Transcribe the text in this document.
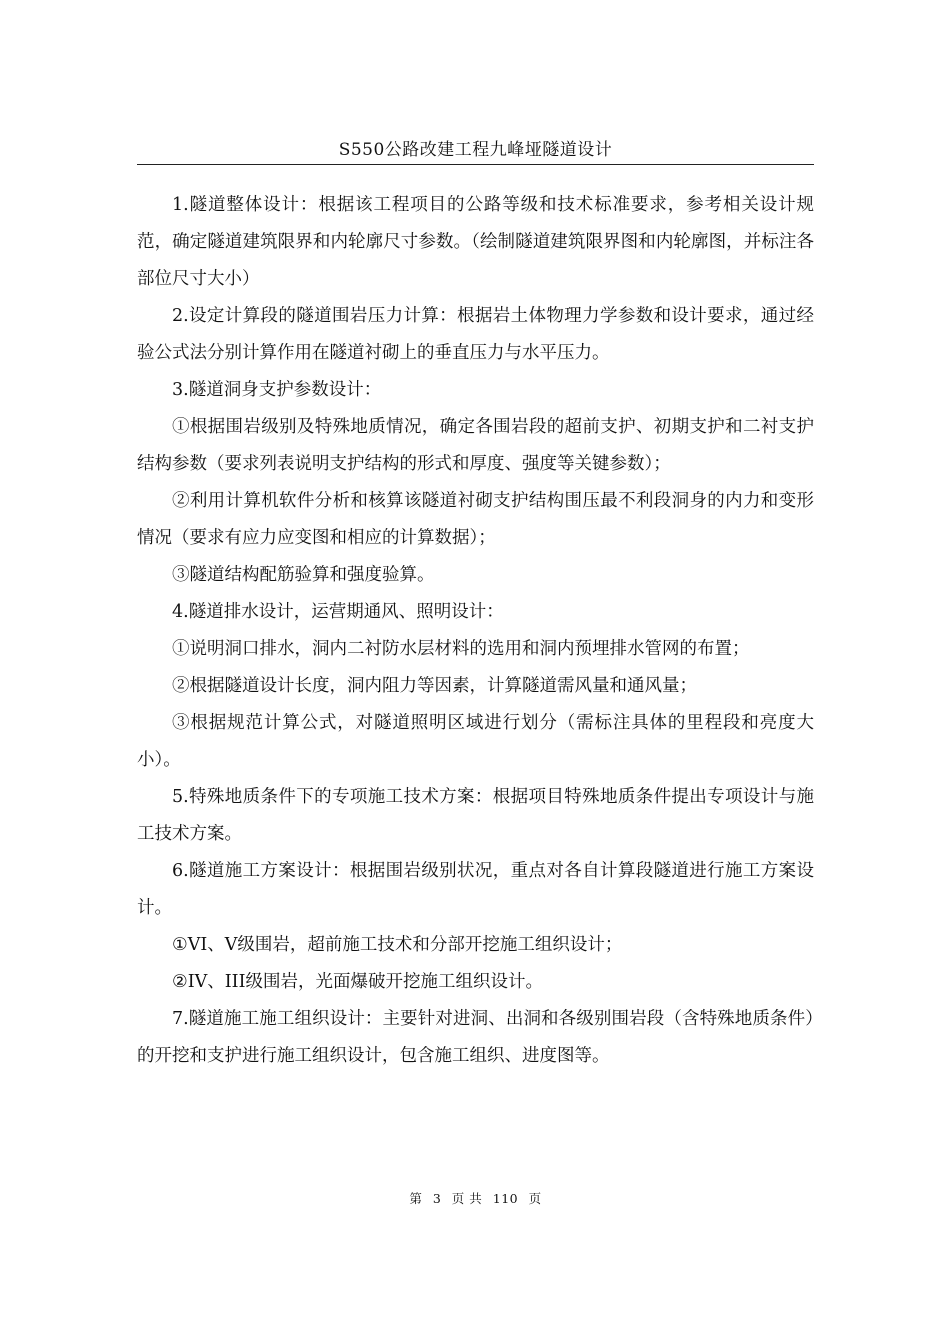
S550公路改建工程九峰垭隧道设计

1.隧道整体设计：根据该工程项目的公路等级和技术标准要求，参考相关设计规范，确定隧道建筑限界和内轮廓尺寸参数。（绘制隧道建筑限界图和内轮廓图，并标注各部位尺寸大小）

2.设定计算段的隧道围岩压力计算：根据岩土体物理力学参数和设计要求，通过经验公式法分别计算作用在隧道衬砌上的垂直压力与水平压力。

3.隧道洞身支护参数设计：

①根据围岩级别及特殊地质情况，确定各围岩段的超前支护、初期支护和二衬支护结构参数（要求列表说明支护结构的形式和厚度、强度等关键参数）；

②利用计算机软件分析和核算该隧道衬砌支护结构围压最不利段洞身的内力和变形情况（要求有应力应变图和相应的计算数据）；

③隧道结构配筋验算和强度验算。

4.隧道排水设计，运营期通风、照明设计：

①说明洞口排水，洞内二衬防水层材料的选用和洞内预埋排水管网的布置；

②根据隧道设计长度，洞内阻力等因素，计算隧道需风量和通风量；

③根据规范计算公式，对隧道照明区域进行划分（需标注具体的里程段和亮度大小）。

5.特殊地质条件下的专项施工技术方案：根据项目特殊地质条件提出专项设计与施工技术方案。

6.隧道施工方案设计：根据围岩级别状况，重点对各自计算段隧道进行施工方案设计。

①VI、V级围岩，超前施工技术和分部开挖施工组织设计；

②IV、III级围岩，光面爆破开挖施工组织设计。

7.隧道施工施工组织设计：主要针对进洞、出洞和各级别围岩段（含特殊地质条件）的开挖和支护进行施工组织设计，包含施工组织、进度图等。

第 3 页 共 110 页
